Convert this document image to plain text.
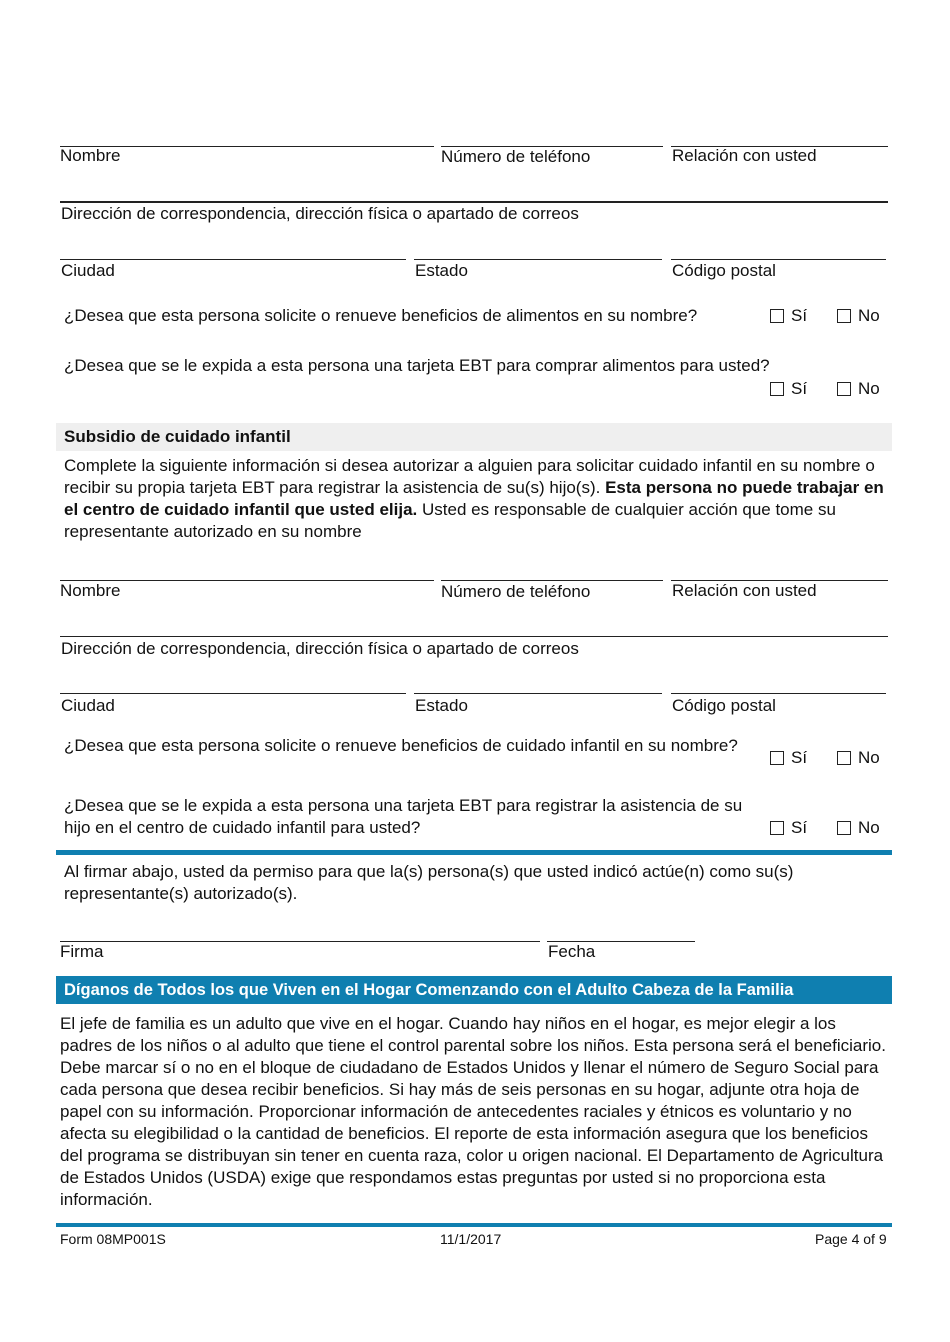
Nombre	Número de teléfono	Relación con usted
Dirección de correspondencia, dirección física o apartado de correos
Ciudad	Estado	Código postal
¿Desea que esta persona solicite o renueve beneficios de alimentos en su nombre?	Sí	No
¿Desea que se le expida a esta persona una tarjeta EBT para comprar alimentos para usted?
Sí	No
Subsidio de cuidado infantil
Complete la siguiente información si desea autorizar a alguien para solicitar cuidado infantil en su nombre o recibir su propia tarjeta EBT para registrar la asistencia de su(s) hijo(s). Esta persona no puede trabajar en el centro de cuidado infantil que usted elija. Usted es responsable de cualquier acción que tome su representante autorizado en su nombre
Nombre	Número de teléfono	Relación con usted
Dirección de correspondencia, dirección física o apartado de correos
Ciudad	Estado	Código postal
¿Desea que esta persona solicite o renueve beneficios de cuidado infantil en su nombre?
Sí	No
¿Desea que se le expida a esta persona una tarjeta EBT para registrar la asistencia de su hijo en el centro de cuidado infantil para usted?	Sí	No
Al firmar abajo, usted da permiso para que la(s) persona(s) que usted indicó actúe(n) como su(s) representante(s) autorizado(s).
Firma	Fecha
Díganos de Todos los que Viven en el Hogar Comenzando con el Adulto Cabeza de la Familia
El jefe de familia es un adulto que vive en el hogar. Cuando hay niños en el hogar, es mejor elegir a los padres de los niños o al adulto que tiene el control parental sobre los niños. Esta persona será el beneficiario. Debe marcar sí o no en el bloque de ciudadano de Estados Unidos y llenar el número de Seguro Social para cada persona que desea recibir beneficios. Si hay más de seis personas en su hogar, adjunte otra hoja de papel con su información. Proporcionar información de antecedentes raciales y étnicos es voluntario y no afecta su elegibilidad o la cantidad de beneficios. El reporte de esta información asegura que los beneficios del programa se distribuyan sin tener en cuenta raza, color u origen nacional. El Departamento de Agricultura de Estados Unidos (USDA) exige que respondamos estas preguntas por usted si no proporciona esta información.
Form 08MP001S	11/1/2017	Page 4 of 9
